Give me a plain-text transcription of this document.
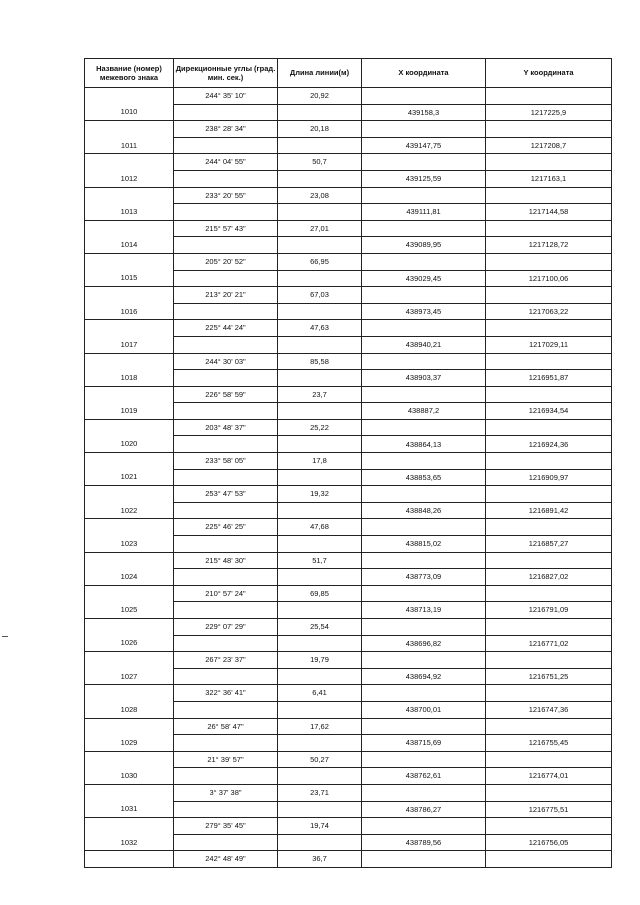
Название (номер) межевого знака	Дирекционные углы (град. мин. сек.)	Длина линии(м)	X координата	Y координата
	244° 35' 10"	20,92		
1010			439158,3	1217225,9
	238° 28' 34"	20,18		
1011			439147,75	1217208,7
	244° 04' 55"	50,7		
1012			439125,59	1217163,1
	233° 20' 55"	23,08		
1013			439111,81	1217144,58
	215° 57' 43"	27,01		
1014			439089,95	1217128,72
	205° 20' 52"	66,95		
1015			439029,45	1217100,06
	213° 20' 21"	67,03		
1016			438973,45	1217063,22
	225° 44' 24"	47,63		
1017			438940,21	1217029,11
	244° 30' 03"	85,58		
1018			438903,37	1216951,87
	226° 58' 59"	23,7		
1019			438887,2	1216934,54
	203° 48' 37"	25,22		
1020			438864,13	1216924,36
	233° 58' 05"	17,8		
1021			438853,65	1216909,97
	253° 47' 53"	19,32		
1022			438848,26	1216891,42
	225° 46' 25"	47,68		
1023			438815,02	1216857,27
	215° 48' 30"	51,7		
1024			438773,09	1216827,02
	210° 57' 24"	69,85		
1025			438713,19	1216791,09
	229° 07' 29"	25,54		
1026			438696,82	1216771,02
	267° 23' 37"	19,79		
1027			438694,92	1216751,25
	322° 36' 41"	6,41		
1028			438700,01	1216747,36
	26° 58' 47"	17,62		
1029			438715,69	1216755,45
	21° 39' 57"	50,27		
1030			438762,61	1216774,01
	3° 37' 38"	23,71		
1031			438786,27	1216775,51
	279° 35' 45"	19,74		
1032			438789,56	1216756,05
	242° 48' 49"	36,7		
